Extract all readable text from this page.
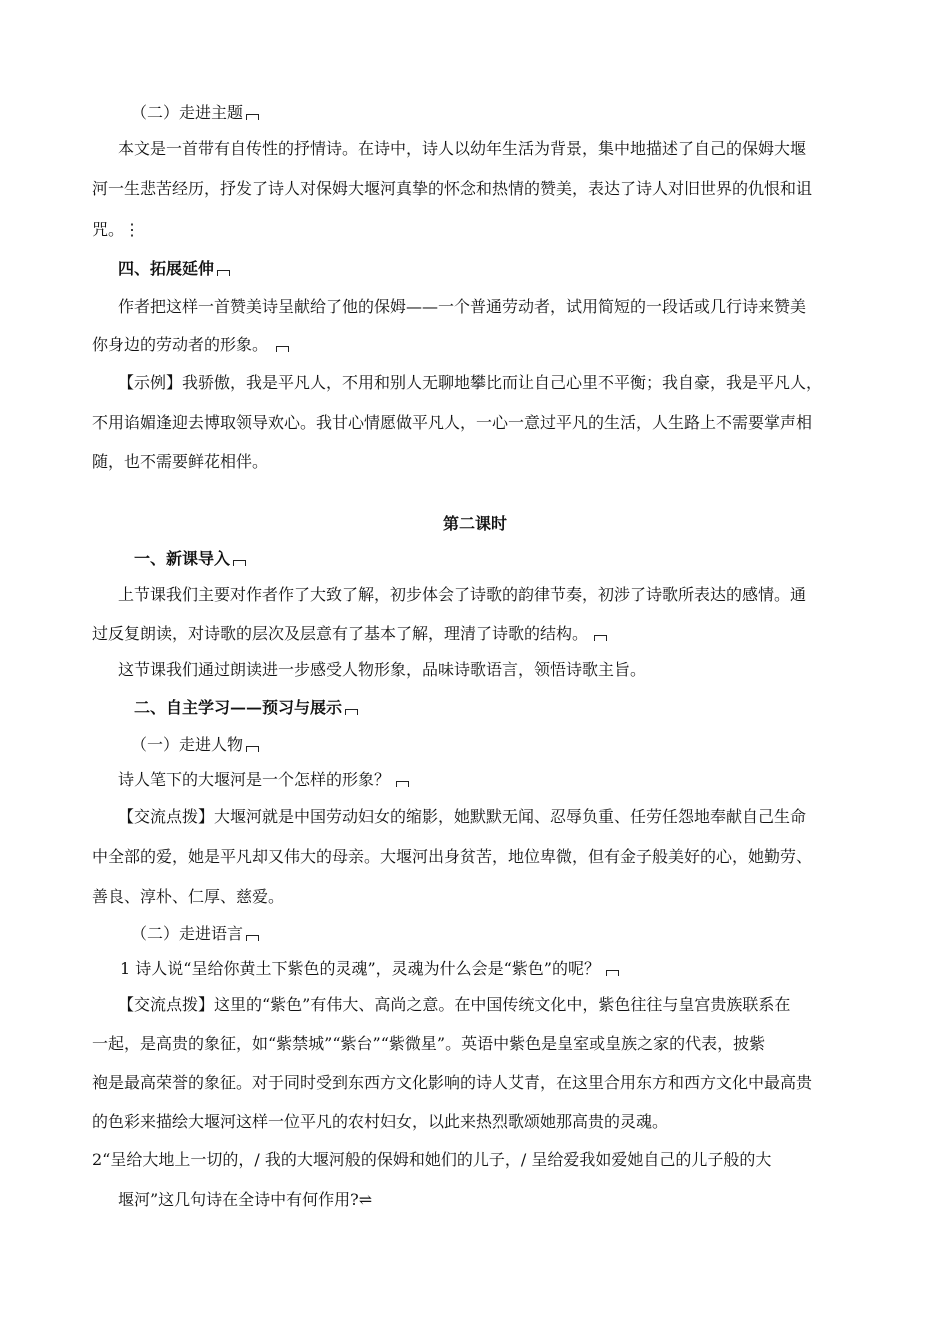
（二）走进主题
本文是一首带有自传性的抒情诗。在诗中，诗人以幼年生活为背景，集中地描述了自己的保姆大堰
河一生悲苦经历，抒发了诗人对保姆大堰河真挚的怀念和热情的赞美，表达了诗人对旧世界的仇恨和诅
咒。⋮
四、拓展延伸
作者把这样一首赞美诗呈献给了他的保姆——一个普通劳动者，试用简短的一段话或几行诗来赞美
你身边的劳动者的形象。
【示例】我骄傲，我是平凡人，不用和别人无聊地攀比而让自己心里不平衡；我自豪，我是平凡人，
不用谄媚逢迎去博取领导欢心。我甘心情愿做平凡人，一心一意过平凡的生活，人生路上不需要掌声相
随，也不需要鲜花相伴。
第二课时
一、新课导入
上节课我们主要对作者作了大致了解，初步体会了诗歌的韵律节奏，初涉了诗歌所表达的感情。通
过反复朗读，对诗歌的层次及层意有了基本了解，理清了诗歌的结构。
这节课我们通过朗读进一步感受人物形象，品味诗歌语言，领悟诗歌主旨。
二、自主学习——预习与展示
（一）走进人物
诗人笔下的大堰河是一个怎样的形象？
【交流点拨】大堰河就是中国劳动妇女的缩影，她默默无闻、忍辱负重、任劳任怨地奉献自己生命
中全部的爱，她是平凡却又伟大的母亲。大堰河出身贫苦，地位卑微，但有金子般美好的心，她勤劳、
善良、淳朴、仁厚、慈爱。
（二）走进语言
1 诗人说“呈给你黄土下紫色的灵魂”，灵魂为什么会是“紫色”的呢？
【交流点拨】这里的“紫色”有伟大、高尚之意。在中国传统文化中，紫色往往与皇宫贵族联系在
一起，是高贵的象征，如“紫禁城”“紫台”“紫微星”。英语中紫色是皇室或皇族之家的代表，披紫
袍是最高荣誉的象征。对于同时受到东西方文化影响的诗人艾青，在这里合用东方和西方文化中最高贵
的色彩来描绘大堰河这样一位平凡的农村妇女，以此来热烈歌颂她那高贵的灵魂。
2“呈给大地上一切的，/ 我的大堰河般的保姆和她们的儿子，/ 呈给爱我如爱她自己的儿子般的大
堰河”这几句诗在全诗中有何作用?⇌
